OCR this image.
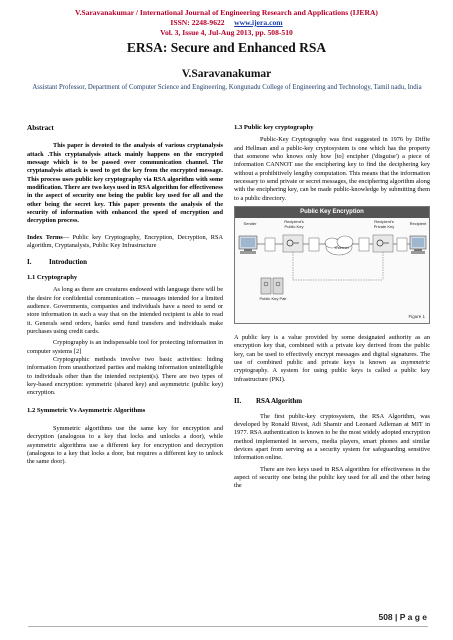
V.Saravanakumar / International Journal of Engineering Research and Applications (IJERA)
ISSN: 2248-9622 www.ijera.com
Vol. 3, Issue 4, Jul-Aug 2013, pp. 508-510
ERSA: Secure and Enhanced RSA
V.Saravanakumar
Assistant Professor, Department of Computer Science and Engineering, Kongunadu College of Engineering and Technology, Tamil nadu, India
Abstract
This paper is devoted to the analysis of various cryptanalysis attack .This cryptanalysis attack mainly happens on the encrypted message which is to be passed over communication channel. The cryptanalysis attack is used to get the key from the encrypted message. This process uses public key cryptography via RSA algorithm with some modification. There are two keys used in RSA algorithm for effectiveness in the aspect of security one being the public key used for all and the other being the secret key. This paper presents the analysis of the security of information with enhanced the speed of encryption and decryption process.
Index Terms— Public key Cryptography, Encryption, Decryption, RSA algorithm, Cryptanalysis, Public Key Infrastructure
I.	Introduction
1.1 Cryptography
As long as there are creatures endowed with language there will be the desire for confidential communication -- messages intended for a limited audience. Governments, companies and individuals have a need to send or store information in such a way that on the intended recipient is able to read it. Generals send orders, banks send fund transfers and individuals make purchases using credit cards.
Cryptography is an indispensable tool for protecting information in computer systems [2]
Cryptographic methods involve two basic activities: hiding information from unauthorized parties and making information unintelligible to individuals other than the intended recipient(s). There are two types of key-based encryption: symmetric (shared key) and asymmetric (public key) encryption.
1.2 Symmetric Vs Asymmetric Algorithms
Symmetric algorithms use the same key for encryption and decryption (analogous to a key that locks and unlocks a door), while asymmetric algorithms use a different key for encryption and decryption (analogous to a key that locks a door, but requires a different key to unlock the same door).
1.3 Public key cryptography
Public-Key Cryptography was first suggested in 1976 by Diffie and Hellman and a public-key cryptosystem is one which has the property that someone who knows only how [to] encipher ('disguise') a piece of information CANNOT use the enciphering key to find the deciphering key without a prohibitively lengthy computation. This means that the information necessary to send private or secret messages, the enciphering algorithm along with the enciphering key, can be made public-knowledge by submitting them to a public directory.
Public Key Encryption
Sender	Recipient's Public Key
Internet
Recipient's Private Key
Recipient
Public Key Pair
Figure 1
A public key is a value provided by some designated authority as an encryption key that, combined with a private key derived from the public key, can be used to effectively encrypt messages and digital signatures. The use of combined public and private keys is known as asymmetric cryptography. A system for using public keys is called a public key infrastructure (PKI).
II. RSA Algorithm
The first public-key cryptosystem, the RSA Algorithm, was developed by Ronald Rivest, Adi Shamir and Leonard Adleman at MIT in 1977. RSA authentication is known to be the most widely adopted encryption method implemented in servers, media players, smart phones and similar devices apart from serving as a security system for safeguarding sensitive information online.
There are two keys used in RSA algorithm for effectiveness in the aspect of security one being the public key used for all and the other being the
508 | P a g e
